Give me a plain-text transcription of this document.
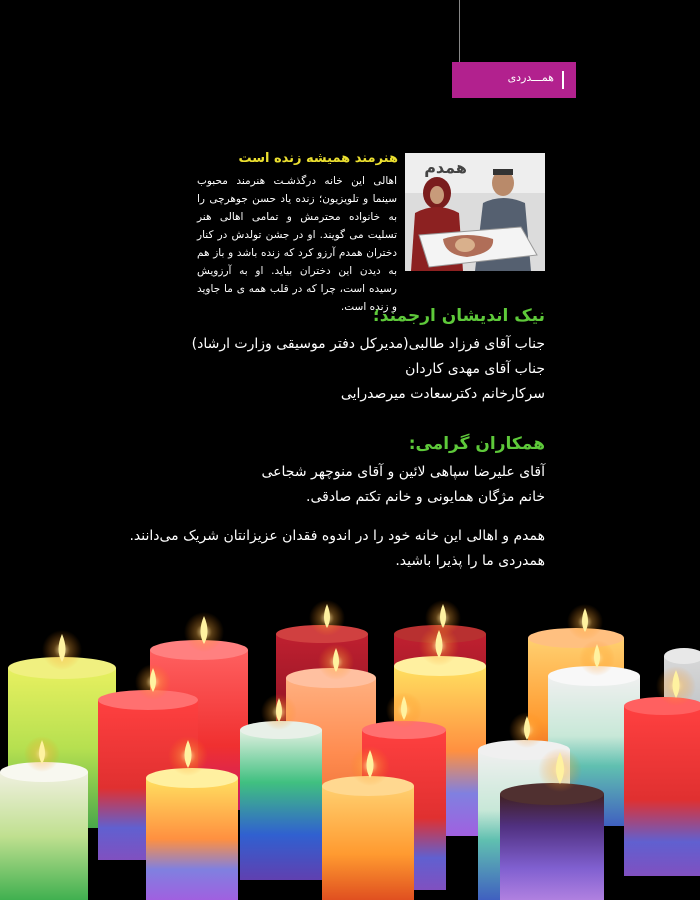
همـــدردی
همدم
هنرمند همیشه زنده است
اهالی این خانه درگذشـت هنرمند محبوب سینما و تلویزیون؛ زنده یاد حسن جوهرچی را به خانواده محترمش و تمامی اهالی هنر تسلیت می گویند. او در جشن تولدش در کنار دختران همدم آرزو کرد که زنده باشد و باز هم به دیدن این دختران بیاید. او به آرزویش رسیده است، چرا که در قلب همه ی ما جاوید و زنده است.
نیک اندیشان ارجمند؛
جناب آقای فرزاد طالبی(مدیرکل دفتر موسیقی وزارت ارشاد)
جناب آقای مهدی کاردان
سرکارخانم دکترسعادت میرصدرایی
همکاران گرامی:
آقای علیرضا سپاهی لائین و آقای منوچهر شجاعی
خانم مژگان همایونی و خانم تکتم صادقی.
همدم و اهالی این خانه خود را در اندوه فقدان عزیزانتان شریک می‌دانند.
همدردی ما را پذیرا باشید.
